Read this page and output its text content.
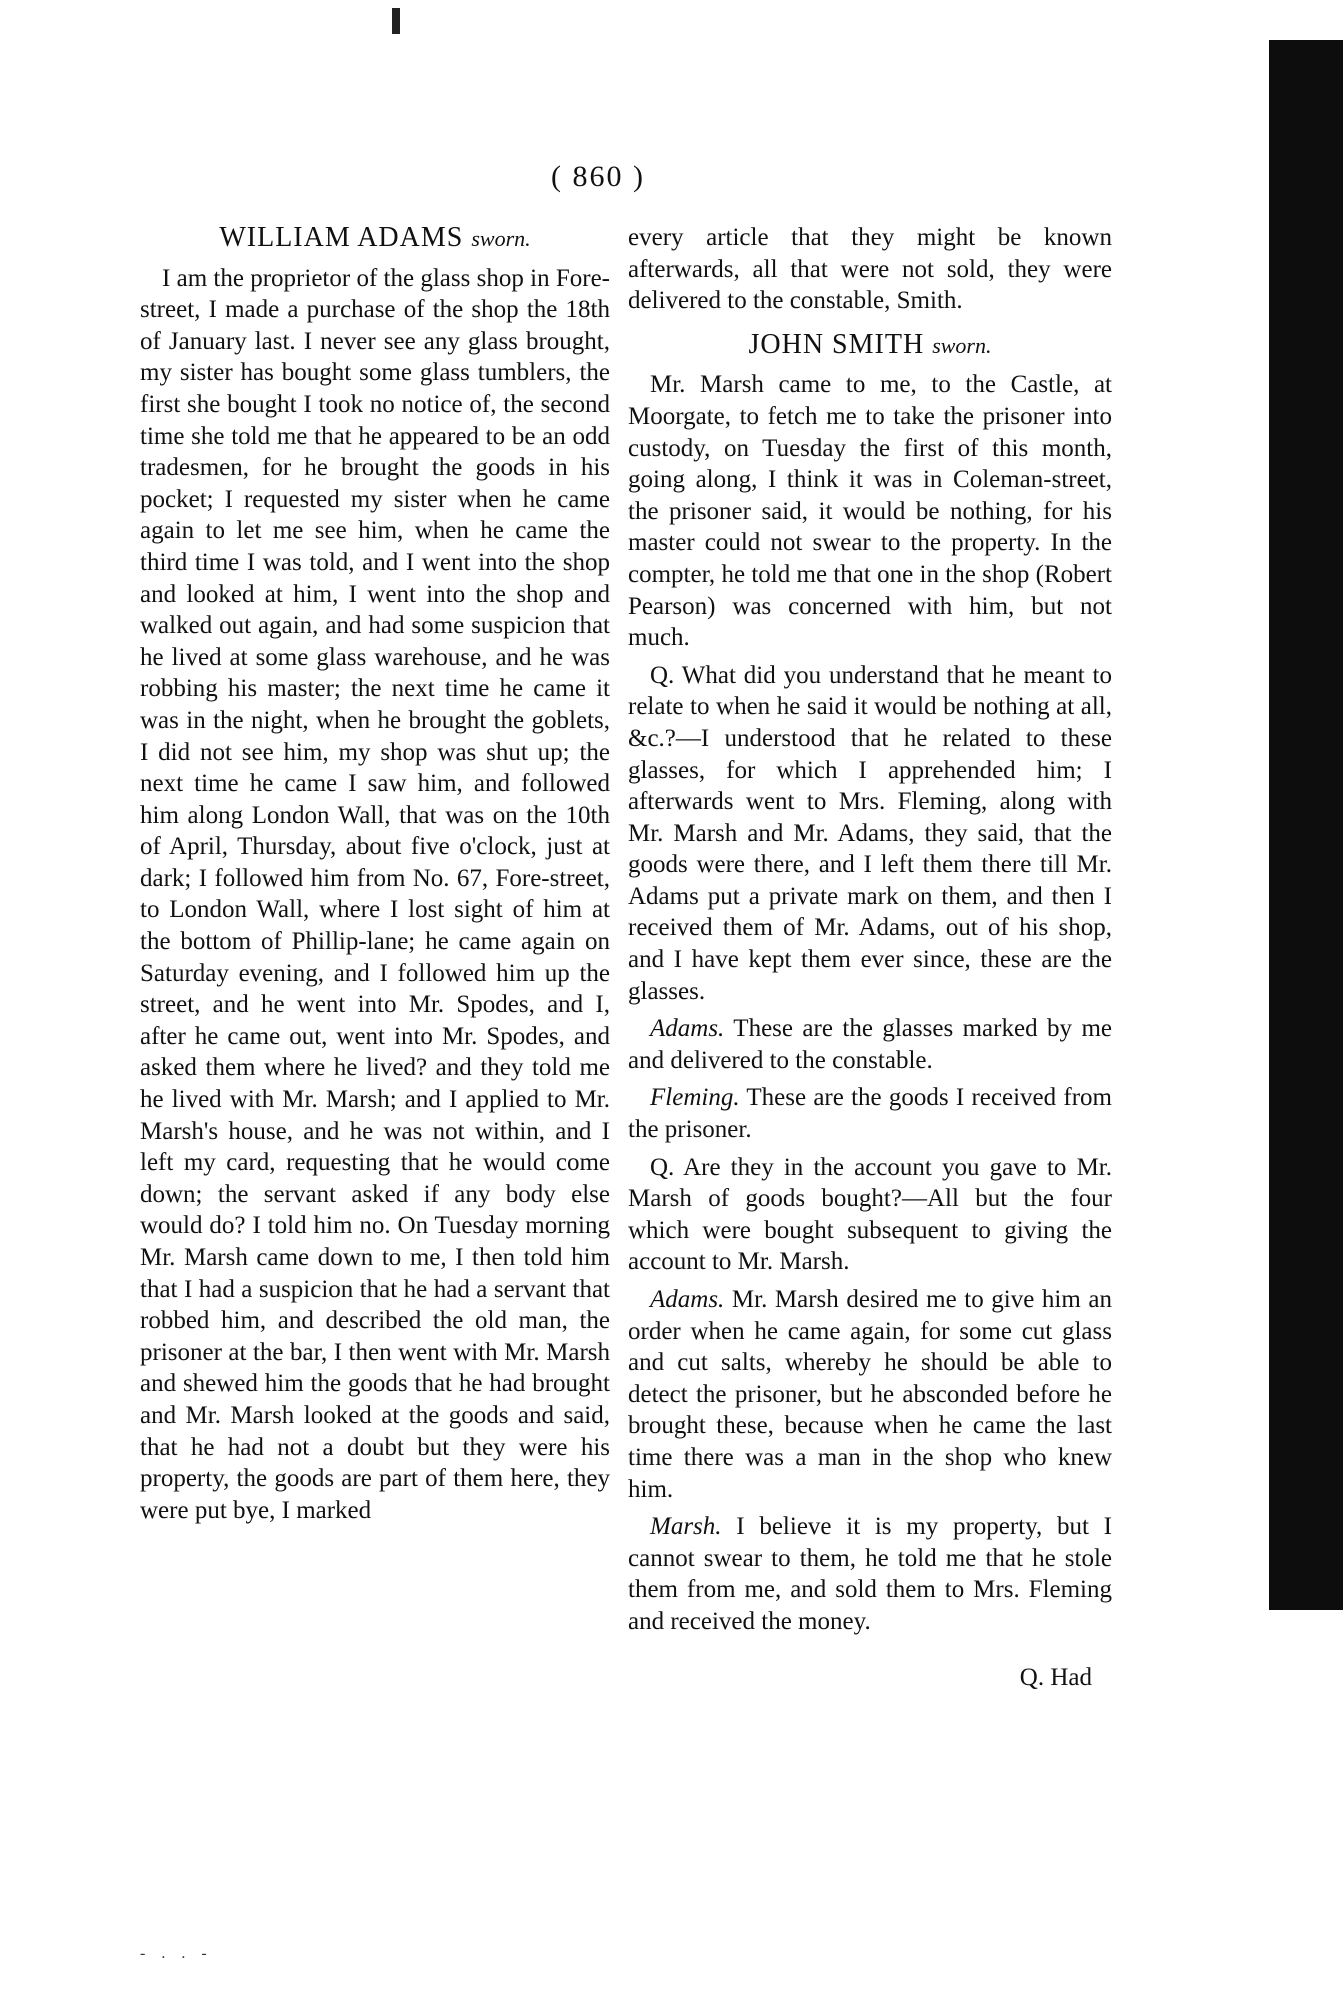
( 860 )

WILLIAM ADAMS sworn.

I am the proprietor of the glass shop in Fore-street, I made a purchase of the shop the 18th of January last. I never see any glass brought, my sister has bought some glass tumblers, the first she bought I took no notice of, the second time she told me that he appeared to be an odd tradesmen, for he brought the goods in his pocket; I requested my sister when he came again to let me see him, when he came the third time I was told, and I went into the shop and looked at him, I went into the shop and walked out again, and had some suspicion that he lived at some glass warehouse, and he was robbing his master; the next time he came it was in the night, when he brought the goblets, I did not see him, my shop was shut up; the next time he came I saw him, and followed him along London Wall, that was on the 10th of April, Thursday, about five o'clock, just at dark; I followed him from No. 67, Fore-street, to London Wall, where I lost sight of him at the bottom of Phillip-lane; he came again on Saturday evening, and I followed him up the street, and he went into Mr. Spodes, and I, after he came out, went into Mr. Spodes, and asked them where he lived? and they told me he lived with Mr. Marsh; and I applied to Mr. Marsh's house, and he was not within, and I left my card, requesting that he would come down; the servant asked if any body else would do? I told him no. On Tuesday morning Mr. Marsh came down to me, I then told him that I had a suspicion that he had a servant that robbed him, and described the old man, the prisoner at the bar, I then went with Mr. Marsh and shewed him the goods that he had brought and Mr. Marsh looked at the goods and said, that he had not a doubt but they were his property, the goods are part of them here, they were put bye, I marked

every article that they might be known afterwards, all that were not sold, they were delivered to the constable, Smith.

JOHN SMITH sworn.

Mr. Marsh came to me, to the Castle, at Moorgate, to fetch me to take the prisoner into custody, on Tuesday the first of this month, going along, I think it was in Coleman-street, the prisoner said, it would be nothing, for his master could not swear to the property. In the compter, he told me that one in the shop (Robert Pearson) was concerned with him, but not much.

Q. What did you understand that he meant to relate to when he said it would be nothing at all, &c.?—I understood that he related to these glasses, for which I apprehended him; I afterwards went to Mrs. Fleming, along with Mr. Marsh and Mr. Adams, they said, that the goods were there, and I left them there till Mr. Adams put a private mark on them, and then I received them of Mr. Adams, out of his shop, and I have kept them ever since, these are the glasses.

Adams. These are the glasses marked by me and delivered to the constable.

Fleming. These are the goods I received from the prisoner.

Q. Are they in the account you gave to Mr. Marsh of goods bought?—All but the four which were bought subsequent to giving the account to Mr. Marsh.

Adams. Mr. Marsh desired me to give him an order when he came again, for some cut glass and cut salts, whereby he should be able to detect the prisoner, but he absconded before he brought these, because when he came the last time there was a man in the shop who knew him.

Marsh. I believe it is my property, but I cannot swear to them, he told me that he stole them from me, and sold them to Mrs. Fleming and received the money.

Q. Had

- . . -
